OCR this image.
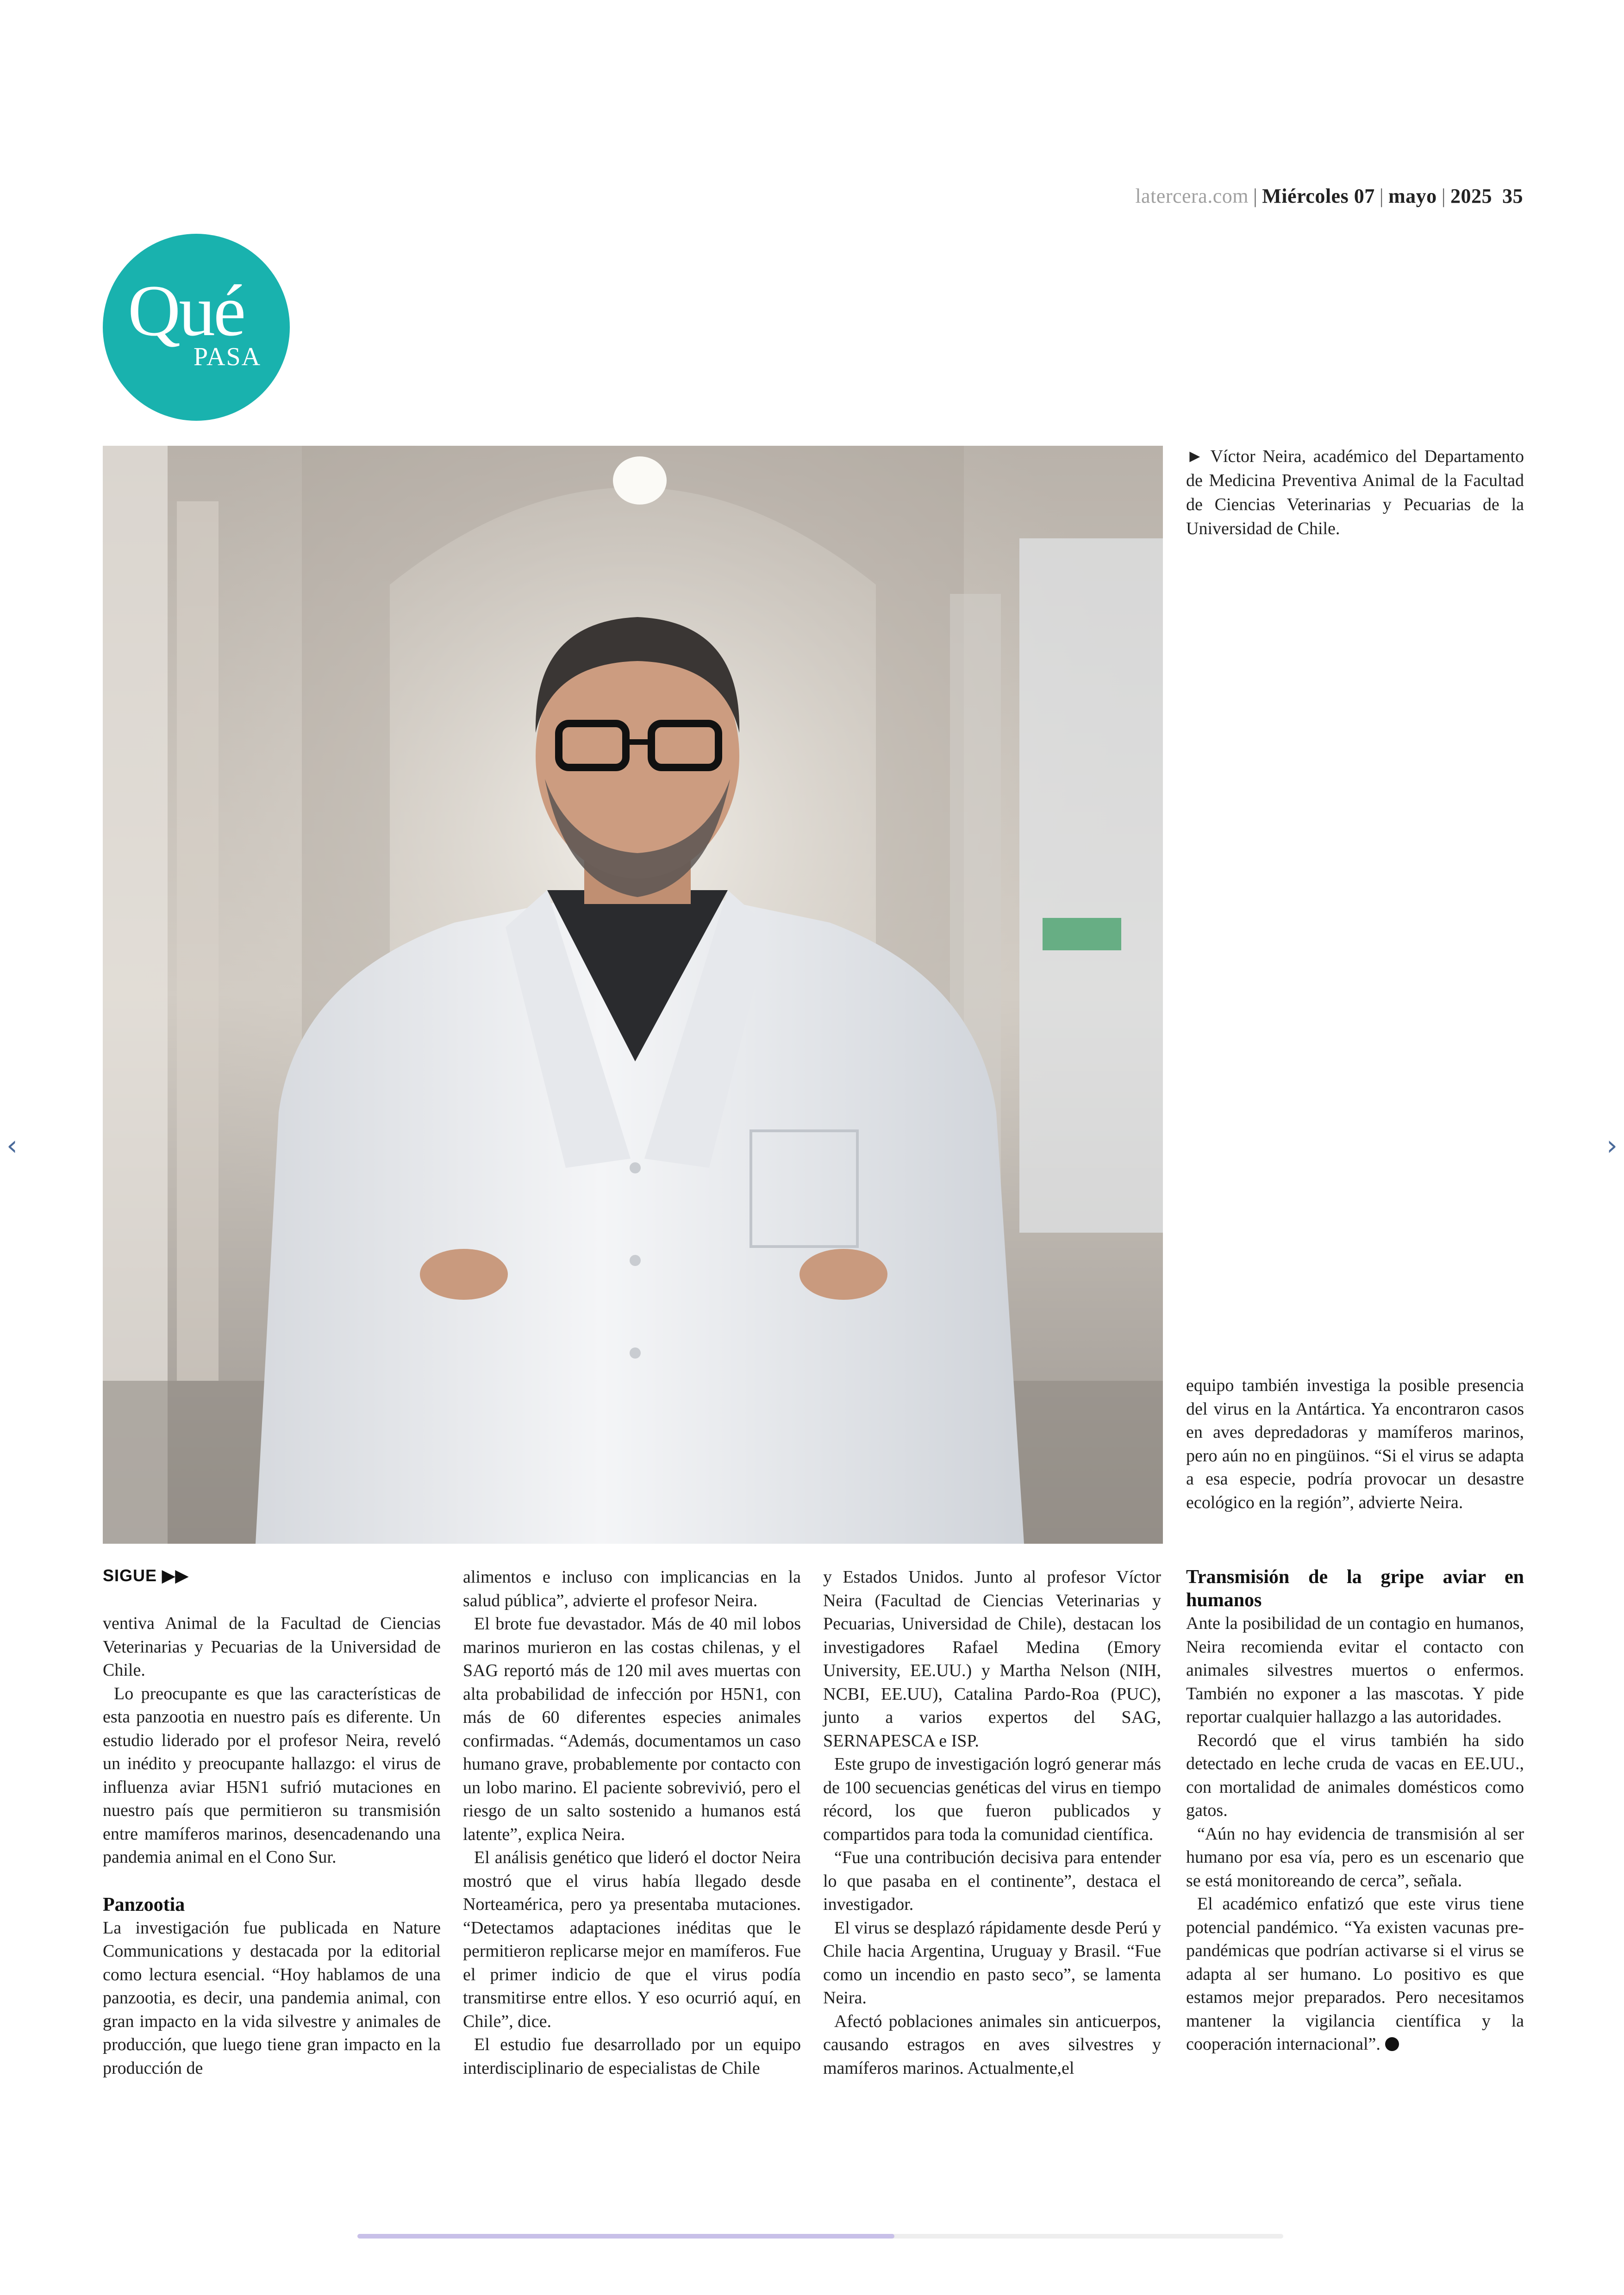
latercera.com | Miércoles 07 | mayo | 2025 35
Qué
PASA
► Víctor Neira, académico del Departamento de Medicina Preventiva Animal de la Facultad de Ciencias Veterinarias y Pecuarias de la Universidad de Chile.
SIGUE ▶▶

ventiva Animal de la Facultad de Ciencias Veterinarias y Pecuarias de la Universidad de Chile.

Lo preocupante es que las características de esta panzootia en nuestro país es diferente. Un estudio liderado por el profesor Neira, reveló un inédito y preocupante hallazgo: el virus de influenza aviar H5N1 sufrió mutaciones en nuestro país que permitieron su transmisión entre mamíferos marinos, desencadenando una pandemia animal en el Cono Sur.

Panzootia

La investigación fue publicada en Nature Communications y destacada por la editorial como lectura esencial. “Hoy hablamos de una panzootia, es decir, una pandemia animal, con gran impacto en la vida silvestre y animales de producción, que luego tiene gran impacto en la producción de

alimentos e incluso con implicancias en la salud pública”, advierte el profesor Neira.

El brote fue devastador. Más de 40 mil lobos marinos murieron en las costas chilenas, y el SAG reportó más de 120 mil aves muertas con alta probabilidad de infección por H5N1, con más de 60 diferentes especies animales confirmadas. “Además, documentamos un caso humano grave, probablemente por contacto con un lobo marino. El paciente sobrevivió, pero el riesgo de un salto sostenido a humanos está latente”, explica Neira.

El análisis genético que lideró el doctor Neira mostró que el virus había llegado desde Norteamérica, pero ya presentaba mutaciones. “Detectamos adaptaciones inéditas que le permitieron replicarse mejor en mamíferos. Fue el primer indicio de que el virus podía transmitirse entre ellos. Y eso ocurrió aquí, en Chile”, dice.

El estudio fue desarrollado por un equipo interdisciplinario de especialistas de Chile

y Estados Unidos. Junto al profesor Víctor Neira (Facultad de Ciencias Veterinarias y Pecuarias, Universidad de Chile), destacan los investigadores Rafael Medina (Emory University, EE.UU.) y Martha Nelson (NIH, NCBI, EE.UU), Catalina Pardo-Roa (PUC), junto a varios expertos del SAG, SERNAPESCA e ISP.

Este grupo de investigación logró generar más de 100 secuencias genéticas del virus en tiempo récord, los que fueron publicados y compartidos para toda la comunidad científica.

“Fue una contribución decisiva para entender lo que pasaba en el continente”, destaca el investigador.

El virus se desplazó rápidamente desde Perú y Chile hacia Argentina, Uruguay y Brasil. “Fue como un incendio en pasto seco”, se lamenta Neira.

Afectó poblaciones animales sin anticuerpos, causando estragos en aves silvestres y mamíferos marinos. Actualmente,el

equipo también investiga la posible presencia del virus en la Antártica. Ya encontraron casos en aves depredadoras y mamíferos marinos, pero aún no en pingüinos. “Si el virus se adapta a esa especie, podría provocar un desastre ecológico en la región”, advierte Neira.

Transmisión de la gripe aviar en humanos

Ante la posibilidad de un contagio en humanos, Neira recomienda evitar el contacto con animales silvestres muertos o enfermos. También no exponer a las mascotas. Y pide reportar cualquier hallazgo a las autoridades.

Recordó que el virus también ha sido detectado en leche cruda de vacas en EE.UU., con mortalidad de animales domésticos como gatos.

“Aún no hay evidencia de transmisión al ser humano por esa vía, pero es un escenario que se está monitoreando de cerca”, señala.

El académico enfatizó que este virus tiene potencial pandémico. “Ya existen vacunas pre-pandémicas que podrían activarse si el virus se adapta al ser humano. Lo positivo es que estamos mejor preparados. Pero necesitamos mantener la vigilancia científica y la cooperación internacional”.

‹	›
